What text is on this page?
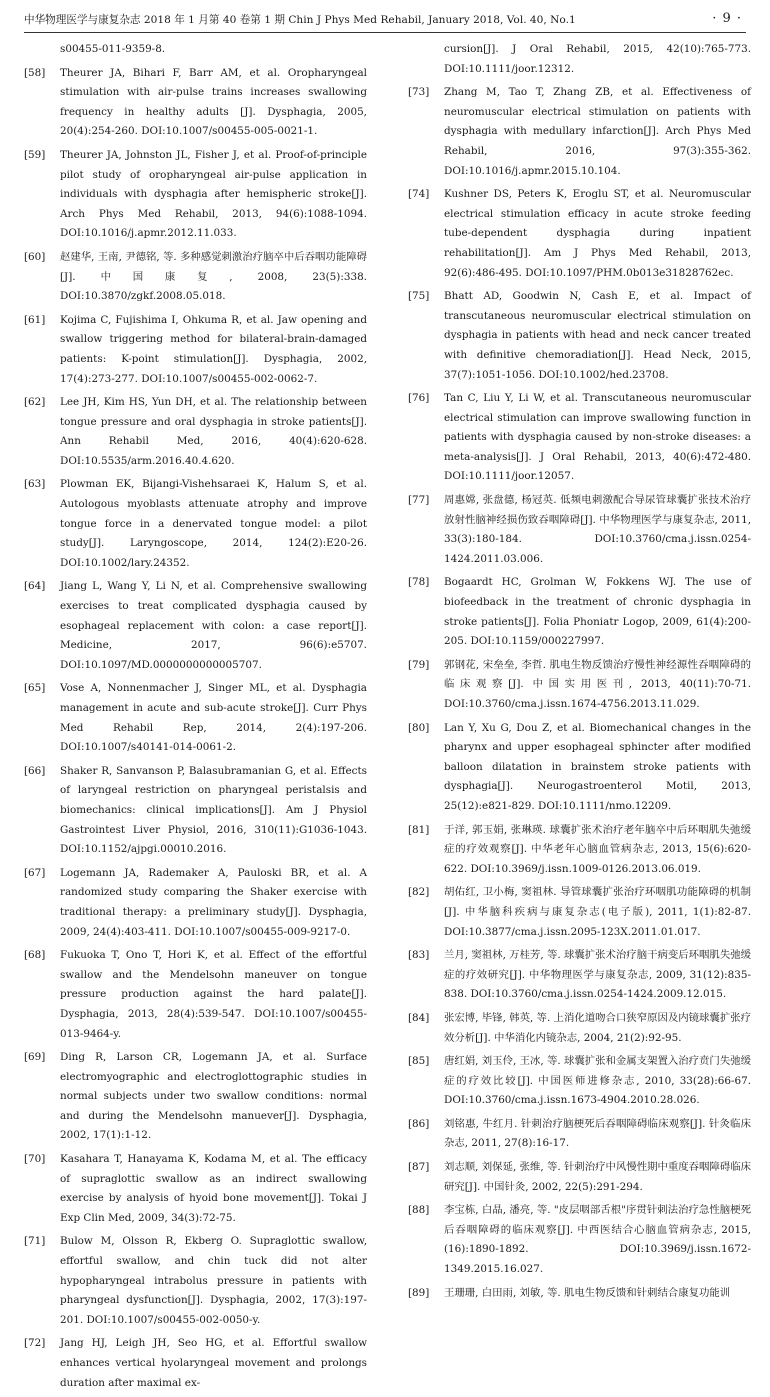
中华物理医学与康复杂志 2018 年 1 月第 40 卷第 1 期 Chin J Phys Med Rehabil, January 2018, Vol. 40, No.1	· 9 ·
s00455-011-9359-8.
[58]	Theurer JA, Bihari F, Barr AM, et al. Oropharyngeal stimulation with air-pulse trains increases swallowing frequency in healthy adults [J]. Dysphagia, 2005, 20(4):254-260. DOI:10.1007/s00455-005-0021-1.
[59]	Theurer JA, Johnston JL, Fisher J, et al. Proof-of-principle pilot study of oropharyngeal air-pulse application in individuals with dysphagia after hemispheric stroke[J]. Arch Phys Med Rehabil, 2013, 94(6):1088-1094. DOI:10.1016/j.apmr.2012.11.033.
[60]	赵建华, 王南, 尹德铭, 等. 多种感觉刺激治疗脑卒中后吞咽功能障碍[J]. 中国康复, 2008, 23(5):338. DOI:10.3870/zgkf.2008.05.018.
[61]	Kojima C, Fujishima I, Ohkuma R, et al. Jaw opening and swallow triggering method for bilateral-brain-damaged patients: K-point stimulation[J]. Dysphagia, 2002, 17(4):273-277. DOI:10.1007/s00455-002-0062-7.
[62]	Lee JH, Kim HS, Yun DH, et al. The relationship between tongue pressure and oral dysphagia in stroke patients[J]. Ann Rehabil Med, 2016, 40(4):620-628. DOI:10.5535/arm.2016.40.4.620.
[63]	Plowman EK, Bijangi-Vishehsaraei K, Halum S, et al. Autologous myoblasts attenuate atrophy and improve tongue force in a denervated tongue model: a pilot study[J]. Laryngoscope, 2014, 124(2):E20-26. DOI:10.1002/lary.24352.
[64]	Jiang L, Wang Y, Li N, et al. Comprehensive swallowing exercises to treat complicated dysphagia caused by esophageal replacement with colon: a case report[J]. Medicine, 2017, 96(6):e5707. DOI:10.1097/MD.0000000000005707.
[65]	Vose A, Nonnenmacher J, Singer ML, et al. Dysphagia management in acute and sub-acute stroke[J]. Curr Phys Med Rehabil Rep, 2014, 2(4):197-206. DOI:10.1007/s40141-014-0061-2.
[66]	Shaker R, Sanvanson P, Balasubramanian G, et al. Effects of laryngeal restriction on pharyngeal peristalsis and biomechanics: clinical implications[J]. Am J Physiol Gastrointest Liver Physiol, 2016, 310(11):G1036-1043. DOI:10.1152/ajpgi.00010.2016.
[67]	Logemann JA, Rademaker A, Pauloski BR, et al. A randomized study comparing the Shaker exercise with traditional therapy: a preliminary study[J]. Dysphagia, 2009, 24(4):403-411. DOI:10.1007/s00455-009-9217-0.
[68]	Fukuoka T, Ono T, Hori K, et al. Effect of the effortful swallow and the Mendelsohn maneuver on tongue pressure production against the hard palate[J]. Dysphagia, 2013, 28(4):539-547. DOI:10.1007/s00455-013-9464-y.
[69]	Ding R, Larson CR, Logemann JA, et al. Surface electromyographic and electroglottographic studies in normal subjects under two swallow conditions: normal and during the Mendelsohn manuever[J]. Dysphagia, 2002, 17(1):1-12.
[70]	Kasahara T, Hanayama K, Kodama M, et al. The efficacy of supraglottic swallow as an indirect swallowing exercise by analysis of hyoid bone movement[J]. Tokai J Exp Clin Med, 2009, 34(3):72-75.
[71]	Bulow M, Olsson R, Ekberg O. Supraglottic swallow, effortful swallow, and chin tuck did not alter hypopharyngeal intrabolus pressure in patients with pharyngeal dysfunction[J]. Dysphagia, 2002, 17(3):197-201. DOI:10.1007/s00455-002-0050-y.
[72]	Jang HJ, Leigh JH, Seo HG, et al. Effortful swallow enhances vertical hyolaryngeal movement and prolongs duration after maximal ex-
cursion[J]. J Oral Rehabil, 2015, 42(10):765-773. DOI:10.1111/joor.12312.
[73]	Zhang M, Tao T, Zhang ZB, et al. Effectiveness of neuromuscular electrical stimulation on patients with dysphagia with medullary infarction[J]. Arch Phys Med Rehabil, 2016, 97(3):355-362. DOI:10.1016/j.apmr.2015.10.104.
[74]	Kushner DS, Peters K, Eroglu ST, et al. Neuromuscular electrical stimulation efficacy in acute stroke feeding tube-dependent dysphagia during inpatient rehabilitation[J]. Am J Phys Med Rehabil, 2013, 92(6):486-495. DOI:10.1097/PHM.0b013e31828762ec.
[75]	Bhatt AD, Goodwin N, Cash E, et al. Impact of transcutaneous neuromuscular electrical stimulation on dysphagia in patients with head and neck cancer treated with definitive chemoradiation[J]. Head Neck, 2015, 37(7):1051-1056. DOI:10.1002/hed.23708.
[76]	Tan C, Liu Y, Li W, et al. Transcutaneous neuromuscular electrical stimulation can improve swallowing function in patients with dysphagia caused by non-stroke diseases: a meta-analysis[J]. J Oral Rehabil, 2013, 40(6):472-480. DOI:10.1111/joor.12057.
[77]	周惠嫦, 张盘德, 杨冠英. 低频电刺激配合导尿管球囊扩张技术治疗放射性脑神经损伤致吞咽障碍[J]. 中华物理医学与康复杂志, 2011, 33(3):180-184. DOI:10.3760/cma.j.issn.0254-1424.2011.03.006.
[78]	Bogaardt HC, Grolman W, Fokkens WJ. The use of biofeedback in the treatment of chronic dysphagia in stroke patients[J]. Folia Phoniatr Logop, 2009, 61(4):200-205. DOI:10.1159/000227997.
[79]	郭钢花, 宋垒垒, 李哲. 肌电生物反馈治疗慢性神经源性吞咽障碍的临床观察[J]. 中国实用医刊, 2013, 40(11):70-71. DOI:10.3760/cma.j.issn.1674-4756.2013.11.029.
[80]	Lan Y, Xu G, Dou Z, et al. Biomechanical changes in the pharynx and upper esophageal sphincter after modified balloon dilatation in brainstem stroke patients with dysphagia[J]. Neurogastroenterol Motil, 2013, 25(12):e821-829. DOI:10.1111/nmo.12209.
[81]	于洋, 郭玉娟, 张琳瑛. 球囊扩张术治疗老年脑卒中后环咽肌失弛缓症的疗效观察[J]. 中华老年心脑血管病杂志, 2013, 15(6):620-622. DOI:10.3969/j.issn.1009-0126.2013.06.019.
[82]	胡佑红, 卫小梅, 窦祖林. 导管球囊扩张治疗环咽肌功能障碍的机制[J]. 中华脑科疾病与康复杂志(电子版), 2011, 1(1):82-87. DOI:10.3877/cma.j.issn.2095-123X.2011.01.017.
[83]	兰月, 窦祖林, 万桂芳, 等. 球囊扩张术治疗脑干病变后环咽肌失弛缓症的疗效研究[J]. 中华物理医学与康复杂志, 2009, 31(12):835-838. DOI:10.3760/cma.j.issn.0254-1424.2009.12.015.
[84]	张宏博, 毕锋, 韩英, 等. 上消化道吻合口狭窄原因及内镜球囊扩张疗效分析[J]. 中华消化内镜杂志, 2004, 21(2):92-95.
[85]	唐红娟, 刘玉伶, 王冰, 等. 球囊扩张和金属支架置入治疗贲门失弛缓症的疗效比较[J]. 中国医师进修杂志, 2010, 33(28):66-67. DOI:10.3760/cma.j.issn.1673-4904.2010.28.026.
[86]	刘铭惠, 牛红月. 针刺治疗脑梗死后吞咽障碍临床观察[J]. 针灸临床杂志, 2011, 27(8):16-17.
[87]	刘志顺, 刘保延, 张维, 等. 针刺治疗中风慢性期中重度吞咽障碍临床研究[J]. 中国针灸, 2002, 22(5):291-294.
[88]	李宝栋, 白晶, 潘亮, 等. "皮层咽部舌根"序贯针刺法治疗急性脑梗死后吞咽障碍的临床观察[J]. 中西医结合心脑血管病杂志, 2015, (16):1890-1892. DOI:10.3969/j.issn.1672-1349.2015.16.027.
[89]	王珊珊, 白田雨, 刘敏, 等. 肌电生物反馈和针刺结合康复功能训
